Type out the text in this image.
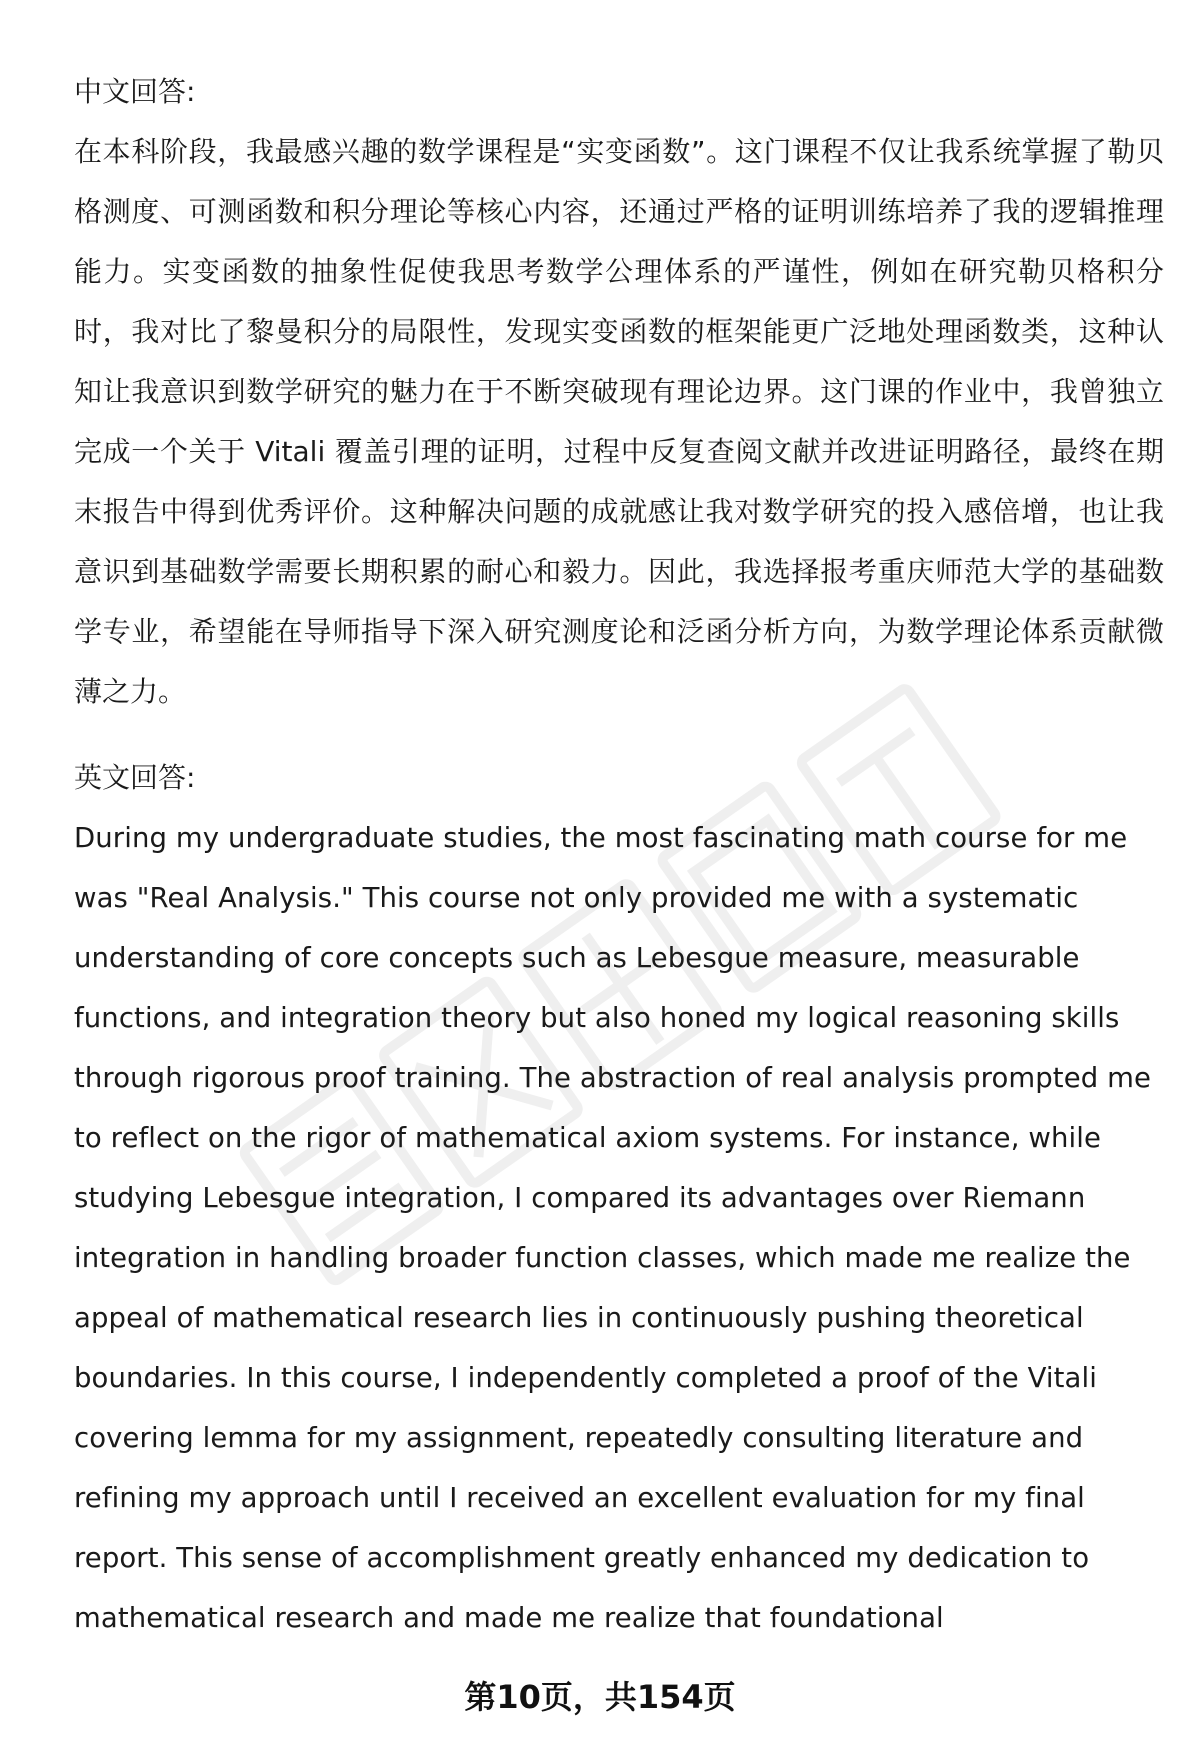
中文回答:

在本科阶段，我最感兴趣的数学课程是“实变函数”。这门课程不仅让我系统掌握了勒贝格测度、可测函数和积分理论等核心内容，还通过严格的证明训练培养了我的逻辑推理能力。实变函数的抽象性促使我思考数学公理体系的严谨性，例如在研究勒贝格积分时，我对比了黎曼积分的局限性，发现实变函数的框架能更广泛地处理函数类，这种认知让我意识到数学研究的魅力在于不断突破现有理论边界。这门课的作业中，我曾独立完成一个关于 Vitali 覆盖引理的证明，过程中反复查阅文献并改进证明路径，最终在期末报告中得到优秀评价。这种解决问题的成就感让我对数学研究的投入感倍增，也让我意识到基础数学需要长期积累的耐心和毅力。因此，我选择报考重庆师范大学的基础数学专业，希望能在导师指导下深入研究测度论和泛函分析方向，为数学理论体系贡献微薄之力。

英文回答:

During my undergraduate studies, the most fascinating math course for me was "Real Analysis." This course not only provided me with a systematic understanding of core concepts such as Lebesgue measure, measurable functions, and integration theory but also honed my logical reasoning skills through rigorous proof training. The abstraction of real analysis prompted me to reflect on the rigor of mathematical axiom systems. For instance, while studying Lebesgue integration, I compared its advantages over Riemann integration in handling broader function classes, which made me realize the appeal of mathematical research lies in continuously pushing theoretical boundaries. In this course, I independently completed a proof of the Vitali covering lemma for my assignment, repeatedly consulting literature and refining my approach until I received an excellent evaluation for my final report. This sense of accomplishment greatly enhanced my dedication to mathematical research and made me realize that foundational

第10页，共154页
